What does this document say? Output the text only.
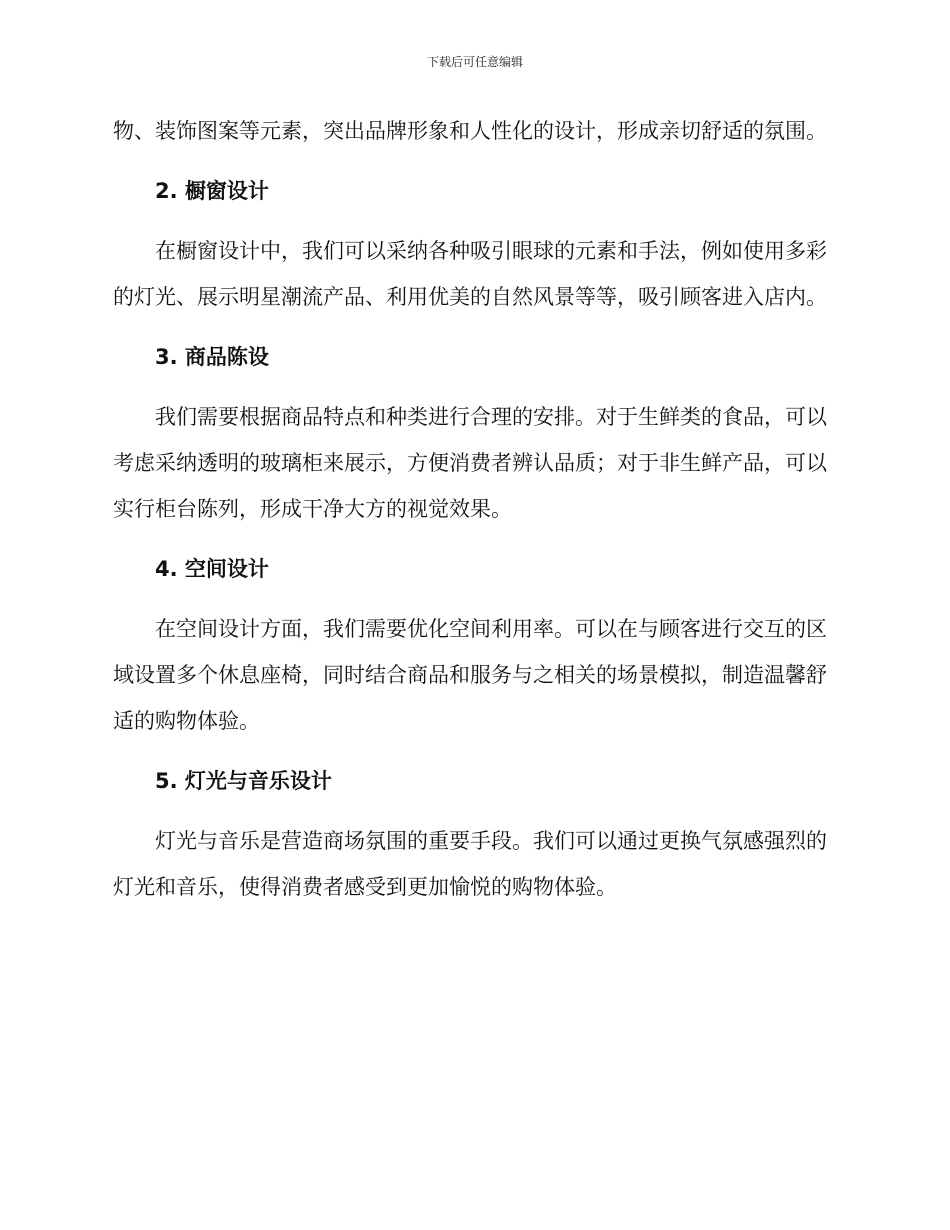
下载后可任意编辑

物、装饰图案等元素，突出品牌形象和人性化的设计，形成亲切舒适的氛围。

2. 橱窗设计

在橱窗设计中，我们可以采纳各种吸引眼球的元素和手法，例如使用多彩的灯光、展示明星潮流产品、利用优美的自然风景等等，吸引顾客进入店内。

3. 商品陈设

我们需要根据商品特点和种类进行合理的安排。对于生鲜类的食品，可以考虑采纳透明的玻璃柜来展示，方便消费者辨认品质；对于非生鲜产品，可以实行柜台陈列，形成干净大方的视觉效果。

4. 空间设计

在空间设计方面，我们需要优化空间利用率。可以在与顾客进行交互的区域设置多个休息座椅，同时结合商品和服务与之相关的场景模拟，制造温馨舒适的购物体验。

5. 灯光与音乐设计

灯光与音乐是营造商场氛围的重要手段。我们可以通过更换气氛感强烈的灯光和音乐，使得消费者感受到更加愉悦的购物体验。
